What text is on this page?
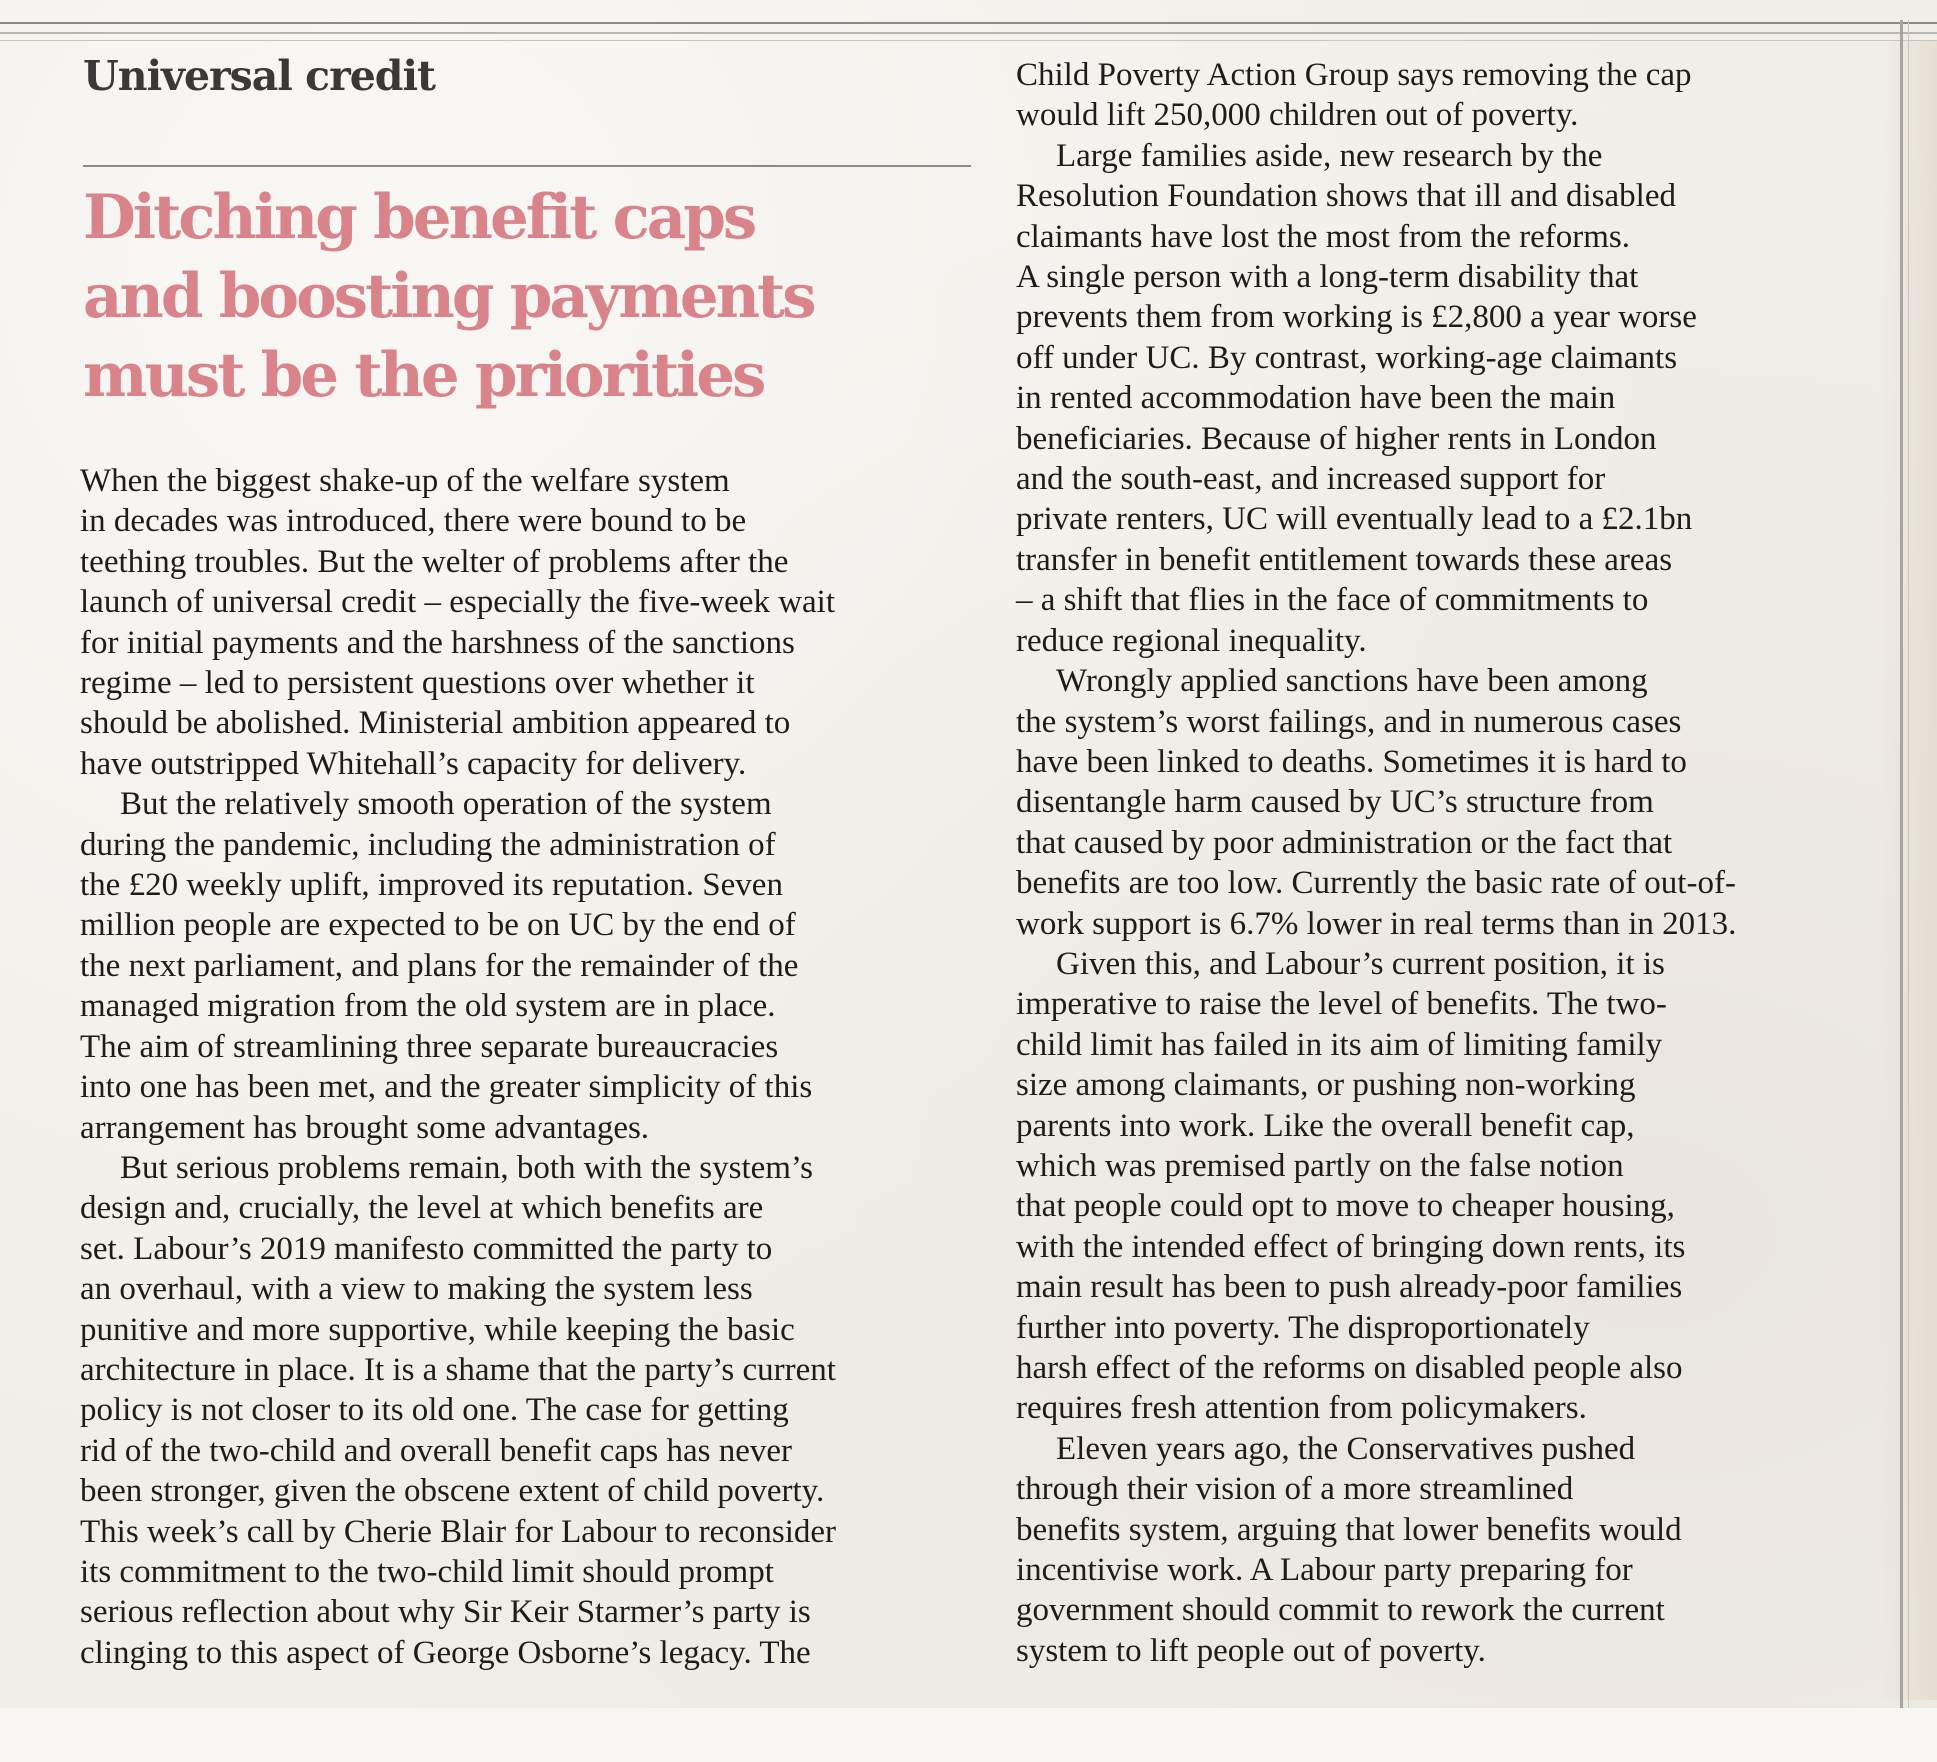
Universal credit
Ditching benefit caps
and boosting payments
must be the priorities
When the biggest shake-up of the welfare system
in decades was introduced, there were bound to be
teething troubles. But the welter of problems after the
launch of universal credit – especially the five-week wait
for initial payments and the harshness of the sanctions
regime – led to persistent questions over whether it
should be abolished. Ministerial ambition appeared to
have outstripped Whitehall’s capacity for delivery.
But the relatively smooth operation of the system
during the pandemic, including the administration of
the £20 weekly uplift, improved its reputation. Seven
million people are expected to be on UC by the end of
the next parliament, and plans for the remainder of the
managed migration from the old system are in place.
The aim of streamlining three separate bureaucracies
into one has been met, and the greater simplicity of this
arrangement has brought some advantages.
But serious problems remain, both with the system’s
design and, crucially, the level at which benefits are
set. Labour’s 2019 manifesto committed the party to
an overhaul, with a view to making the system less
punitive and more supportive, while keeping the basic
architecture in place. It is a shame that the party’s current
policy is not closer to its old one. The case for getting
rid of the two-child and overall benefit caps has never
been stronger, given the obscene extent of child poverty.
This week’s call by Cherie Blair for Labour to reconsider
its commitment to the two-child limit should prompt
serious reflection about why Sir Keir Starmer’s party is
clinging to this aspect of George Osborne’s legacy. The
Child Poverty Action Group says removing the cap
would lift 250,000 children out of poverty.
Large families aside, new research by the
Resolution Foundation shows that ill and disabled
claimants have lost the most from the reforms.
A single person with a long-term disability that
prevents them from working is £2,800 a year worse
off under UC. By contrast, working-age claimants
in rented accommodation have been the main
beneficiaries. Because of higher rents in London
and the south-east, and increased support for
private renters, UC will eventually lead to a £2.1bn
transfer in benefit entitlement towards these areas
– a shift that flies in the face of commitments to
reduce regional inequality.
Wrongly applied sanctions have been among
the system’s worst failings, and in numerous cases
have been linked to deaths. Sometimes it is hard to
disentangle harm caused by UC’s structure from
that caused by poor administration or the fact that
benefits are too low. Currently the basic rate of out-of-
work support is 6.7% lower in real terms than in 2013.
Given this, and Labour’s current position, it is
imperative to raise the level of benefits. The two-
child limit has failed in its aim of limiting family
size among claimants, or pushing non-working
parents into work. Like the overall benefit cap,
which was premised partly on the false notion
that people could opt to move to cheaper housing,
with the intended effect of bringing down rents, its
main result has been to push already-poor families
further into poverty. The disproportionately
harsh effect of the reforms on disabled people also
requires fresh attention from policymakers.
Eleven years ago, the Conservatives pushed
through their vision of a more streamlined
benefits system, arguing that lower benefits would
incentivise work. A Labour party preparing for
government should commit to rework the current
system to lift people out of poverty.
